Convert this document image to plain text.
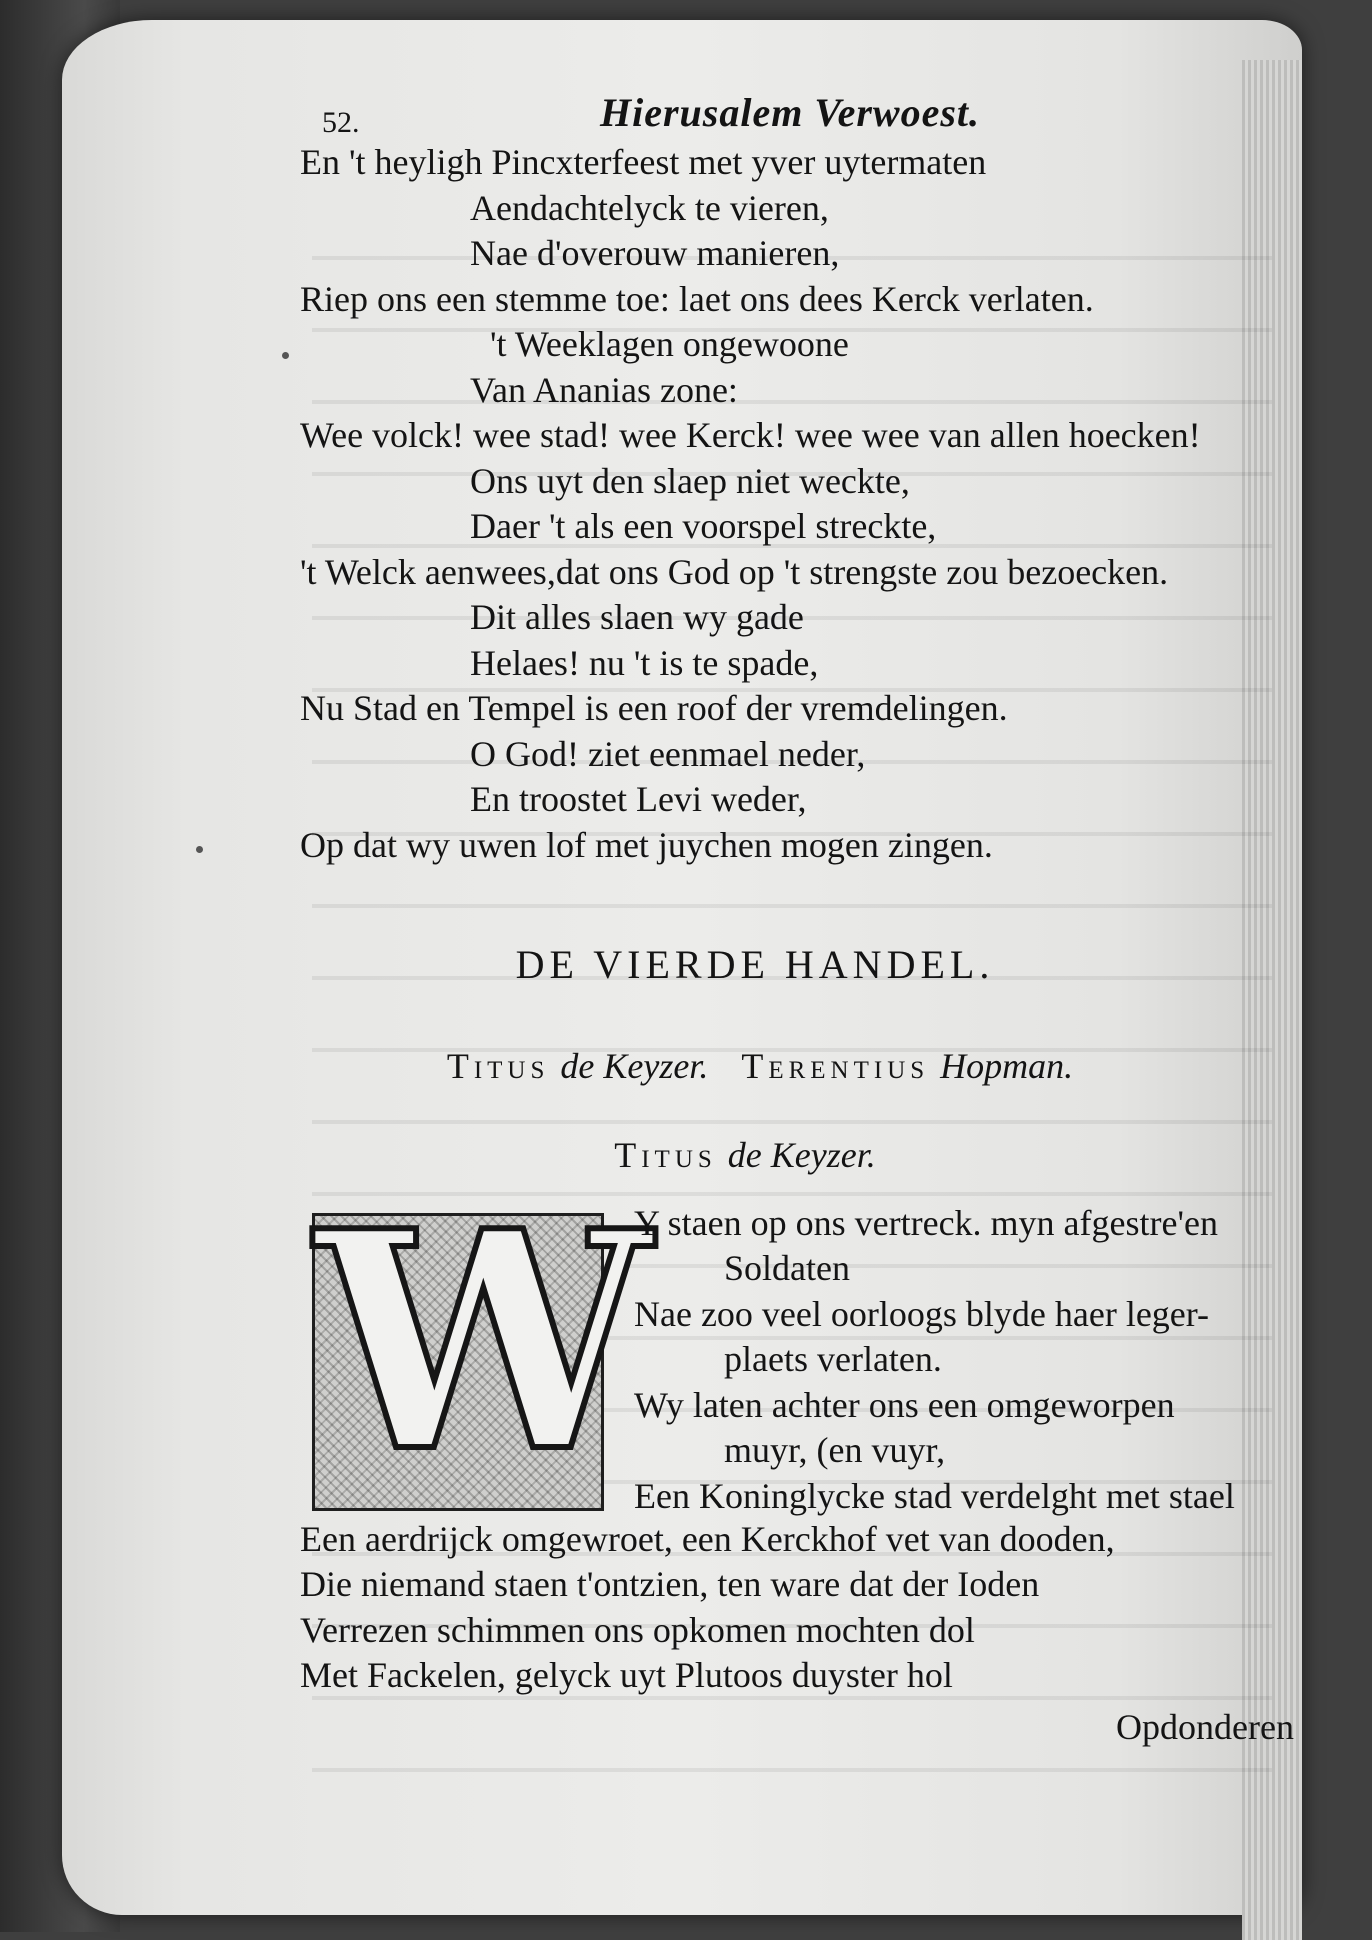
52.	Hierusalem Verwoest.
En 't heyligh Pincxterfeest met yver uytermaten
Aendachtelyck te vieren,
Nae d'overouw manieren,
Riep ons een stemme toe: laet ons dees Kerck verlaten.
't Weeklagen ongewoone
Van Ananias zone:
Wee volck! wee stad! wee Kerck! wee wee van allen hoecken!
Ons uyt den slaep niet weckte,
Daer 't als een voorspel streckte,
't Welck aenwees,dat ons God op 't strengste zou bezoecken.
Dit alles slaen wy gade
Helaes! nu 't is te spade,
Nu Stad en Tempel is een roof der vremdelingen.
O God! ziet eenmael neder,
En troostet Levi weder,
Op dat wy uwen lof met juychen mogen zingen.
DE VIERDE HANDEL.
Titus de Keyzer. Terentius Hopman.
Titus de Keyzer.
W
Y staen op ons vertreck. myn afgestre'en
Soldaten
Nae zoo veel oorloogs blyde haer leger-
plaets verlaten.
Wy laten achter ons een omgeworpen
muyr, (en vuyr,
Een Koninglycke stad verdelght met stael
Een aerdrijck omgewroet, een Kerckhof vet van dooden,
Die niemand staen t'ontzien, ten ware dat der Ioden
Verrezen schimmen ons opkomen mochten dol
Met Fackelen, gelyck uyt Plutoos duyster hol
Opdonderen
